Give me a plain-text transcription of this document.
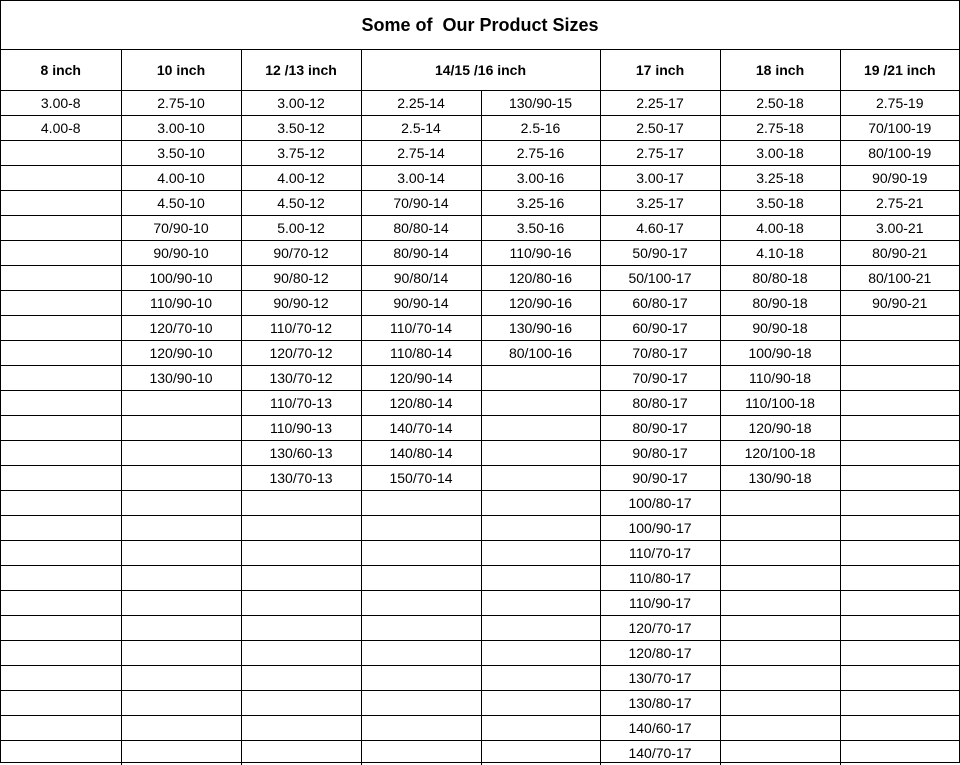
Some of  Our Product Sizes
8 inch	10 inch	12 /13 inch	14/15 /16 inch		17 inch	18 inch	19 /21 inch
3.00-8	2.75-10	3.00-12	2.25-14	130/90-15	2.25-17	2.50-18	2.75-19
4.00-8	3.00-10	3.50-12	2.5-14	2.5-16	2.50-17	2.75-18	70/100-19
	3.50-10	3.75-12	2.75-14	2.75-16	2.75-17	3.00-18	80/100-19
	4.00-10	4.00-12	3.00-14	3.00-16	3.00-17	3.25-18	90/90-19
	4.50-10	4.50-12	70/90-14	3.25-16	3.25-17	3.50-18	2.75-21
	70/90-10	5.00-12	80/80-14	3.50-16	4.60-17	4.00-18	3.00-21
	90/90-10	90/70-12	80/90-14	110/90-16	50/90-17	4.10-18	80/90-21
	100/90-10	90/80-12	90/80/14	120/80-16	50/100-17	80/80-18	80/100-21
	110/90-10	90/90-12	90/90-14	120/90-16	60/80-17	80/90-18	90/90-21
	120/70-10	110/70-12	110/70-14	130/90-16	60/90-17	90/90-18	
	120/90-10	120/70-12	110/80-14	80/100-16	70/80-17	100/90-18	
	130/90-10	130/70-12	120/90-14		70/90-17	110/90-18	
		110/70-13	120/80-14		80/80-17	110/100-18	
		110/90-13	140/70-14		80/90-17	120/90-18	
		130/60-13	140/80-14		90/80-17	120/100-18	
		130/70-13	150/70-14		90/90-17	130/90-18	
					100/80-17		
					100/90-17		
					110/70-17		
					110/80-17		
					110/90-17		
					120/70-17		
					120/80-17		
					130/70-17		
					130/80-17		
					140/60-17		
					140/70-17		
